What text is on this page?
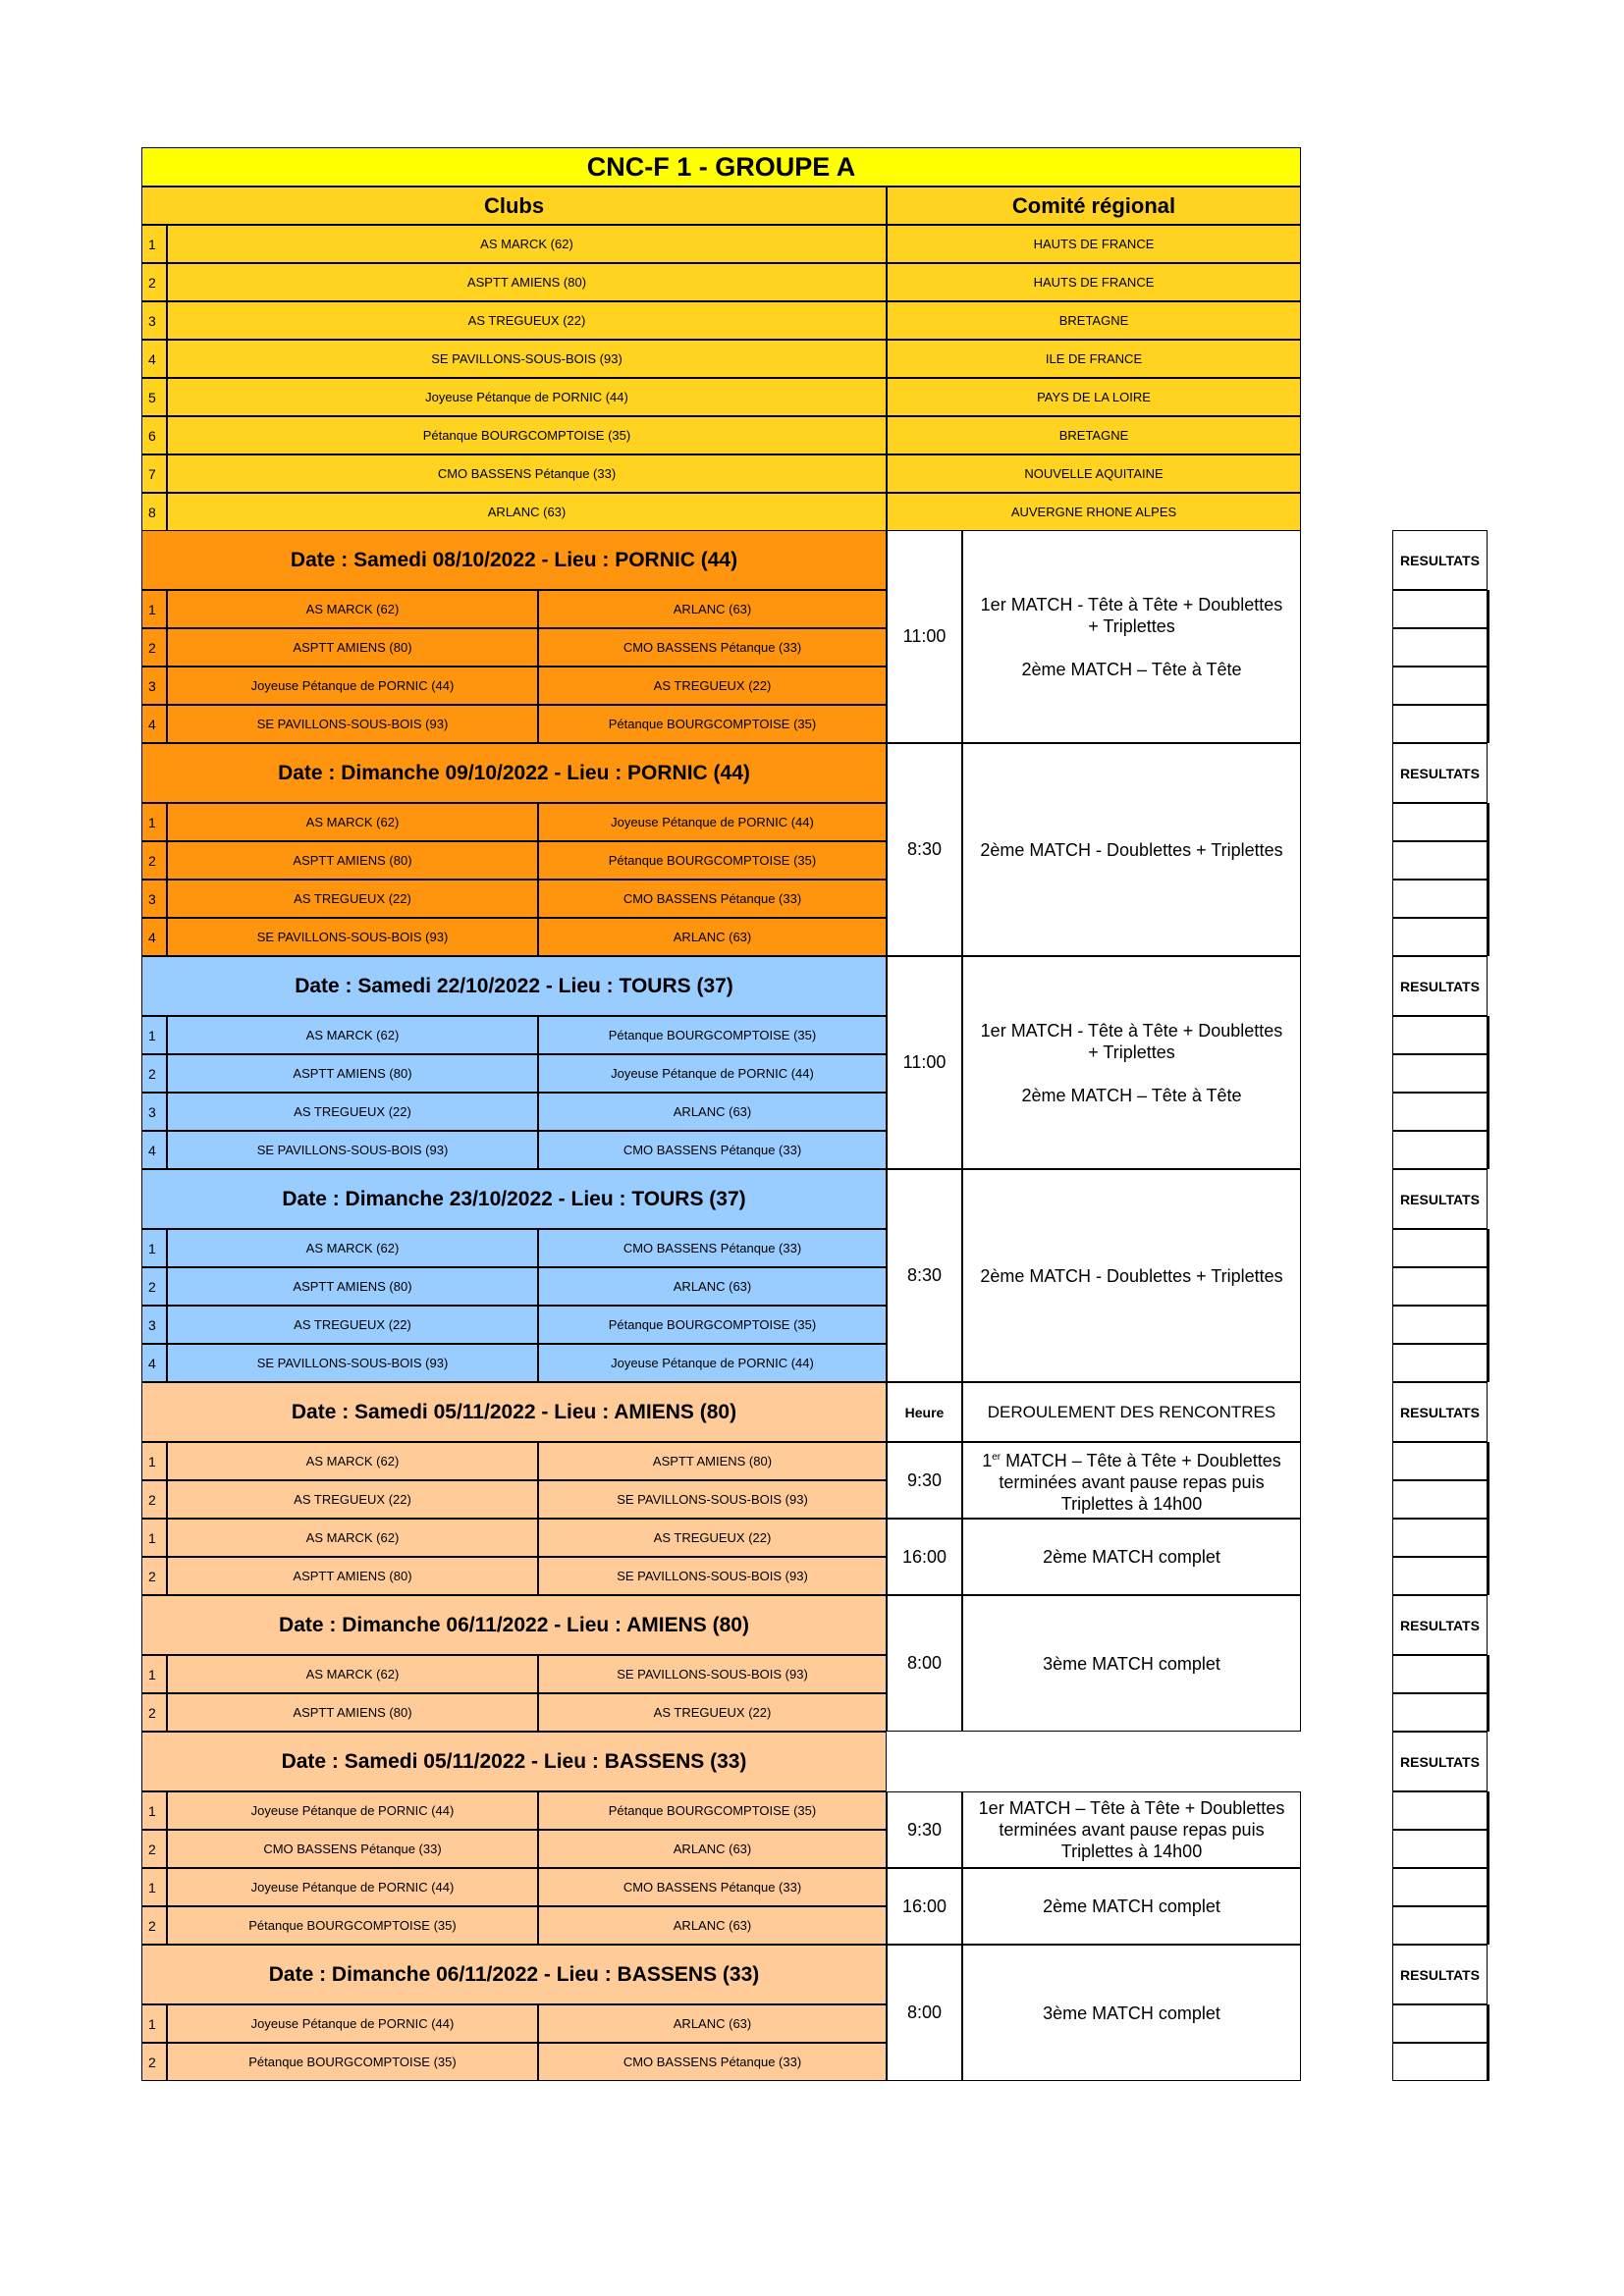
CNC-F 1 - GROUPE A
Clubs	Comité régional
1	AS MARCK (62)	HAUTS DE FRANCE
2	ASPTT AMIENS (80)	HAUTS DE FRANCE
3	AS TREGUEUX (22)	BRETAGNE
4	SE PAVILLONS-SOUS-BOIS (93)	ILE DE FRANCE
5	Joyeuse Pétanque de PORNIC (44)	PAYS DE LA LOIRE
6	Pétanque BOURGCOMPTOISE (35)	BRETAGNE
7	CMO BASSENS Pétanque (33)	NOUVELLE AQUITAINE
8	ARLANC (63)	AUVERGNE RHONE ALPES
Date : Samedi 08/10/2022 - Lieu : PORNIC (44)
1	AS MARCK (62)	ARLANC (63)
2	ASPTT AMIENS (80)	CMO BASSENS Pétanque (33)
3	Joyeuse Pétanque de PORNIC (44)	AS TREGUEUX (22)
4	SE PAVILLONS-SOUS-BOIS (93)	Pétanque BOURGCOMPTOISE (35)
RESULTATS
11:00
1er MATCH - Tête à Tête + Doublettes
+ Triplettes

2ème MATCH – Tête à Tête
Date : Dimanche 09/10/2022 - Lieu : PORNIC (44)
1	AS MARCK (62)	Joyeuse Pétanque de PORNIC (44)
2	ASPTT AMIENS (80)	Pétanque BOURGCOMPTOISE (35)
3	AS TREGUEUX (22)	CMO BASSENS Pétanque (33)
4	SE PAVILLONS-SOUS-BOIS (93)	ARLANC (63)
RESULTATS
8:30	2ème MATCH - Doublettes + Triplettes
Date : Samedi 22/10/2022 - Lieu : TOURS (37)
1	AS MARCK (62)	Pétanque BOURGCOMPTOISE (35)
2	ASPTT AMIENS (80)	Joyeuse Pétanque de PORNIC (44)
3	AS TREGUEUX (22)	ARLANC (63)
4	SE PAVILLONS-SOUS-BOIS (93)	CMO BASSENS Pétanque (33)
RESULTATS
11:00
1er MATCH - Tête à Tête + Doublettes
+ Triplettes

2ème MATCH – Tête à Tête
Date : Dimanche 23/10/2022 - Lieu : TOURS (37)
1	AS MARCK (62)	CMO BASSENS Pétanque (33)
2	ASPTT AMIENS (80)	ARLANC (63)
3	AS TREGUEUX (22)	Pétanque BOURGCOMPTOISE (35)
4	SE PAVILLONS-SOUS-BOIS (93)	Joyeuse Pétanque de PORNIC (44)
RESULTATS
8:30	2ème MATCH - Doublettes + Triplettes
Date : Samedi 05/11/2022 - Lieu : AMIENS (80)
1	AS MARCK (62)	ASPTT AMIENS (80)
2	AS TREGUEUX (22)	SE PAVILLONS-SOUS-BOIS (93)
1	AS MARCK (62)	AS TREGUEUX (22)
2	ASPTT AMIENS (80)	SE PAVILLONS-SOUS-BOIS (93)
Heure	DEROULEMENT DES RENCONTRES	RESULTATS
9:30
1er MATCH – Tête à Tête + Doublettes
terminées avant pause repas puis
Triplettes à 14h00
16:00	2ème MATCH complet
Date : Dimanche 06/11/2022 - Lieu : AMIENS (80)
1	AS MARCK (62)	SE PAVILLONS-SOUS-BOIS (93)
2	ASPTT AMIENS (80)	AS TREGUEUX (22)
RESULTATS
8:00	3ème MATCH complet
Date : Samedi 05/11/2022 - Lieu : BASSENS (33)
1	Joyeuse Pétanque de PORNIC (44)	Pétanque BOURGCOMPTOISE (35)
2	CMO BASSENS Pétanque (33)	ARLANC (63)
1	Joyeuse Pétanque de PORNIC (44)	CMO BASSENS Pétanque (33)
2	Pétanque BOURGCOMPTOISE (35)	ARLANC (63)
RESULTATS
9:30
1er MATCH – Tête à Tête + Doublettes
terminées avant pause repas puis
Triplettes à 14h00
16:00	2ème MATCH complet
Date : Dimanche 06/11/2022 - Lieu : BASSENS (33)
1	Joyeuse Pétanque de PORNIC (44)	ARLANC (63)
2	Pétanque BOURGCOMPTOISE (35)	CMO BASSENS Pétanque (33)
RESULTATS
8:00	3ème MATCH complet
